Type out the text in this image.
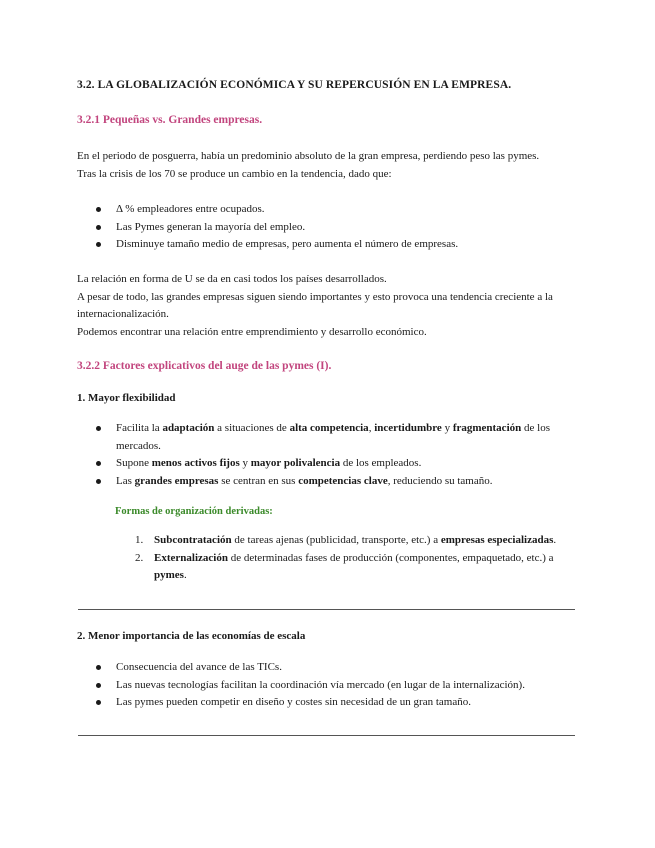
3.2. LA GLOBALIZACIÓN ECONÓMICA Y SU REPERCUSIÓN EN LA EMPRESA.
3.2.1 Pequeñas vs. Grandes empresas.
En el periodo de posguerra, había un predominio absoluto de la gran empresa, perdiendo peso las pymes.
Tras la crisis de los 70 se produce un cambio en la tendencia, dado que:
Δ % empleadores entre ocupados.
Las Pymes generan la mayoría del empleo.
Disminuye tamaño medio de empresas, pero aumenta el número de empresas.
La relación en forma de U se da en casi todos los países desarrollados.
A pesar de todo, las grandes empresas siguen siendo importantes y esto provoca una tendencia creciente a la
internacionalización.
Podemos encontrar una relación entre emprendimiento y desarrollo económico.
3.2.2 Factores explicativos del auge de las pymes (I).
1. Mayor flexibilidad
Facilita la adaptación a situaciones de alta competencia, incertidumbre y fragmentación de los
mercados.
Supone menos activos fijos y mayor polivalencia de los empleados.
Las grandes empresas se centran en sus competencias clave, reduciendo su tamaño.
Formas de organización derivadas:
1. Subcontratación de tareas ajenas (publicidad, transporte, etc.) a empresas especializadas.
2. Externalización de determinadas fases de producción (componentes, empaquetado, etc.) a
pymes.
2. Menor importancia de las economías de escala
Consecuencia del avance de las TICs.
Las nuevas tecnologías facilitan la coordinación vía mercado (en lugar de la internalización).
Las pymes pueden competir en diseño y costes sin necesidad de un gran tamaño.
